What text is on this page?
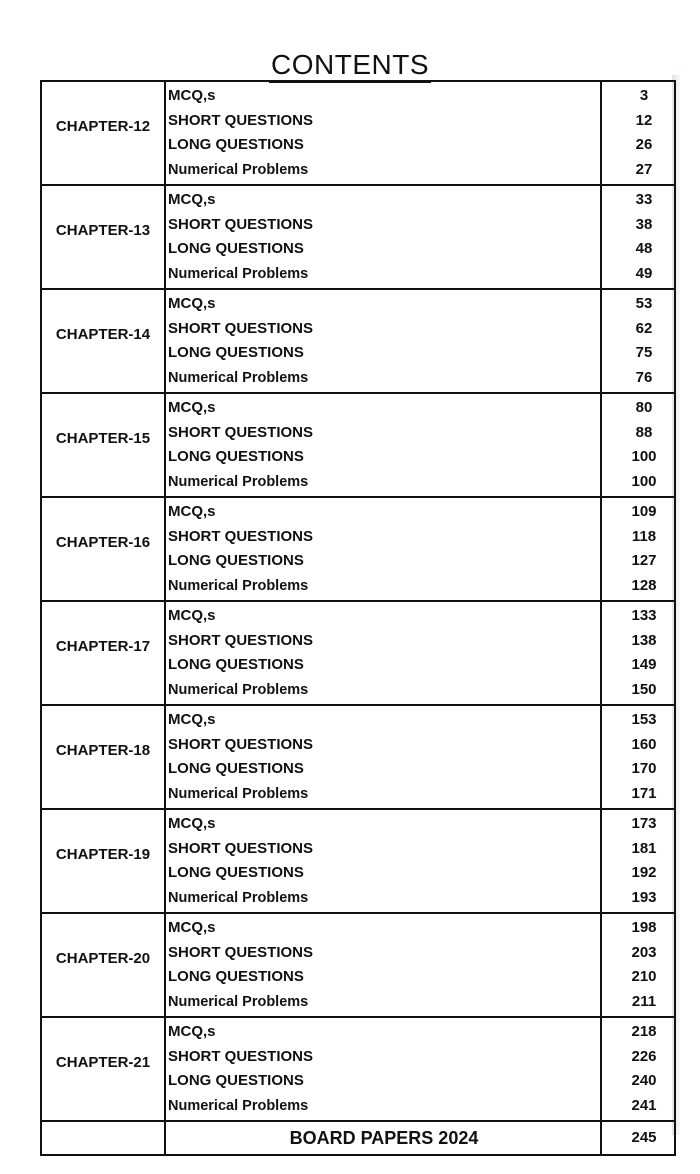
CONTENTS
CHAPTER-12
MCQ,s
SHORT QUESTIONS
LONG QUESTIONS
Numerical Problems
3
12
26
27
CHAPTER-13
MCQ,s
SHORT QUESTIONS
LONG QUESTIONS
Numerical Problems
33
38
48
49
CHAPTER-14
MCQ,s
SHORT QUESTIONS
LONG QUESTIONS
Numerical Problems
53
62
75
76
CHAPTER-15
MCQ,s
SHORT QUESTIONS
LONG QUESTIONS
Numerical Problems
80
88
100
100
CHAPTER-16
MCQ,s
SHORT QUESTIONS
LONG QUESTIONS
Numerical Problems
109
118
127
128
CHAPTER-17
MCQ,s
SHORT QUESTIONS
LONG QUESTIONS
Numerical Problems
133
138
149
150
CHAPTER-18
MCQ,s
SHORT QUESTIONS
LONG QUESTIONS
Numerical Problems
153
160
170
171
CHAPTER-19
MCQ,s
SHORT QUESTIONS
LONG QUESTIONS
Numerical Problems
173
181
192
193
CHAPTER-20
MCQ,s
SHORT QUESTIONS
LONG QUESTIONS
Numerical Problems
198
203
210
211
CHAPTER-21
MCQ,s
SHORT QUESTIONS
LONG QUESTIONS
Numerical Problems
218
226
240
241
BOARD PAPERS 2024	245
